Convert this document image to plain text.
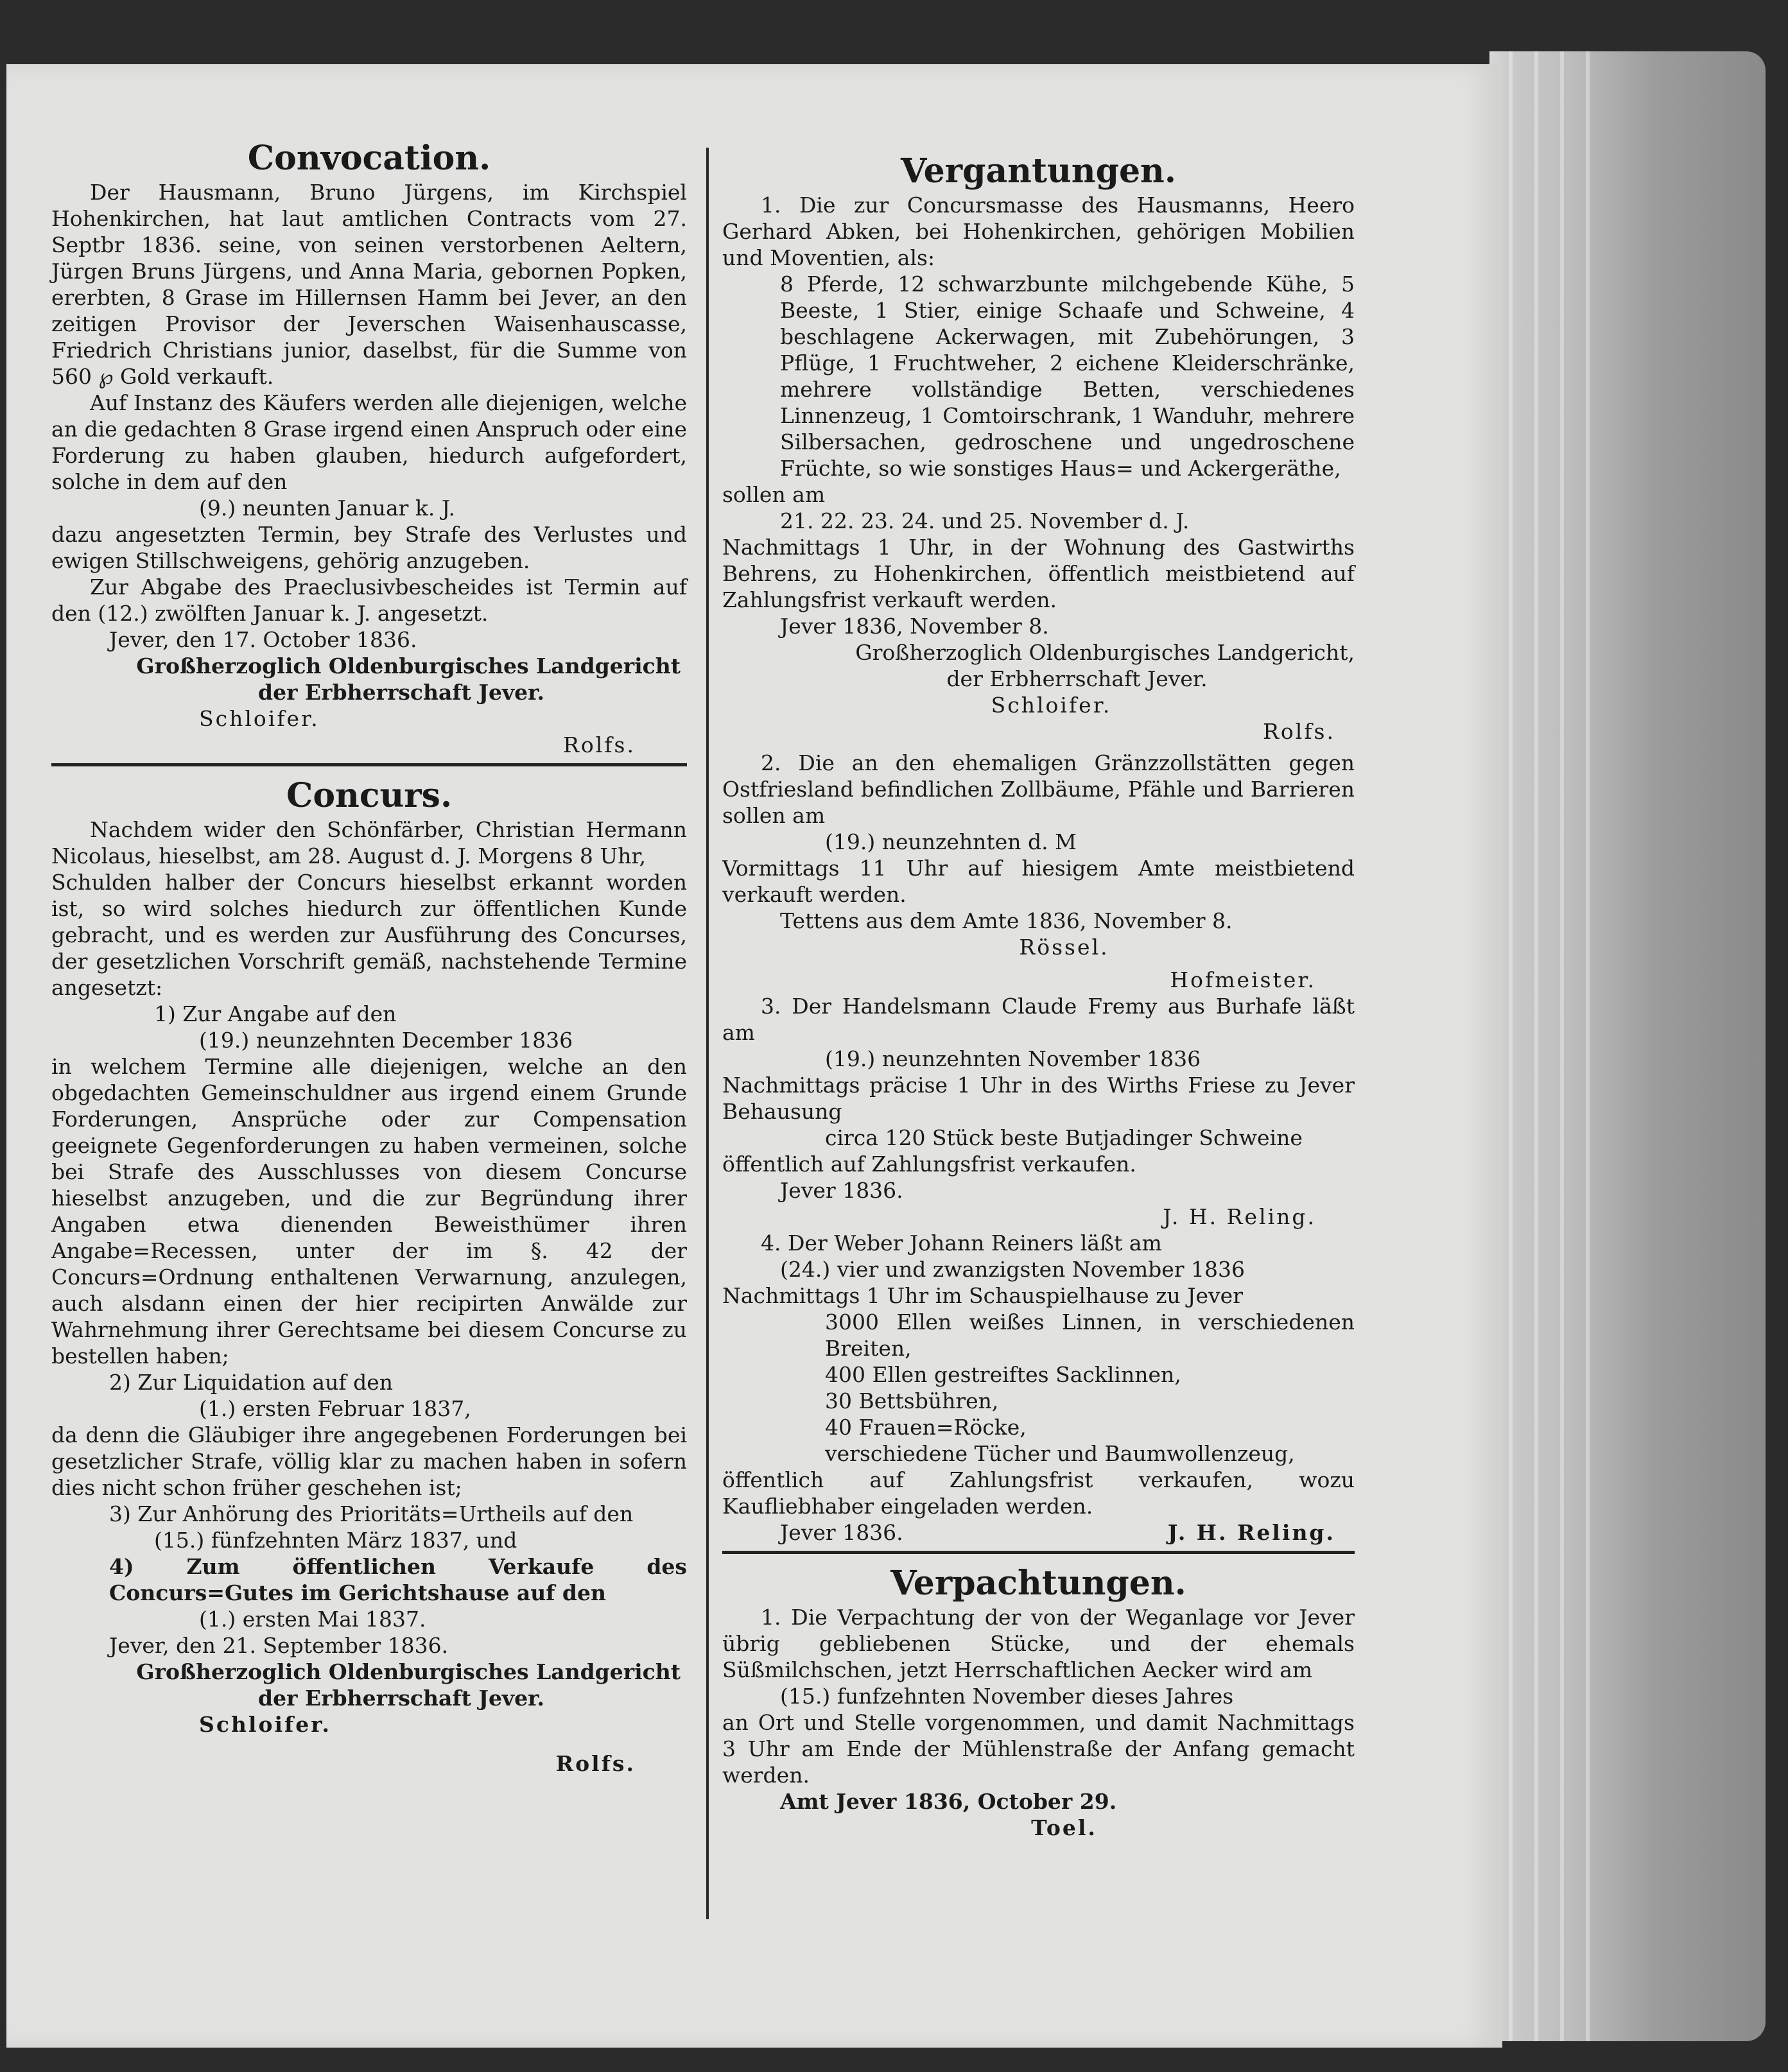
Convocation.

Der Hausmann, Bruno Jürgens, im Kirchspiel Hohenkirchen, hat laut amtlichen Contracts vom 27. Septbr 1836. seine, von seinen verstorbenen Aeltern, Jürgen Bruns Jürgens, und Anna Maria, gebornen Popken, ererbten, 8 Grase im Hillernsen Hamm bei Jever, an den zeitigen Provisor der Jeverschen Waisenhauscasse, Friedrich Christians junior, daselbst, für die Summe von 560 ℘ Gold verkauft.

Auf Instanz des Käufers werden alle diejenigen, welche an die gedachten 8 Grase irgend einen Anspruch oder eine Forderung zu haben glauben, hiedurch aufgefordert, solche in dem auf den

(9.) neunten Januar k. J.

dazu angesetzten Termin, bey Strafe des Verlustes und ewigen Stillschweigens, gehörig anzugeben.

Zur Abgabe des Praeclusivbescheides ist Termin auf den (12.) zwölften Januar k. J. angesetzt.

Jever, den 17. October 1836.

Großherzoglich Oldenburgisches Landgericht

der Erbherrschaft Jever.

Schloifer.

Rolfs.

Concurs.

Nachdem wider den Schönfärber, Christian Hermann Nicolaus, hieselbst, am 28. August d. J. Morgens 8 Uhr,

Schulden halber der Concurs hieselbst erkannt worden ist, so wird solches hiedurch zur öffentlichen Kunde gebracht, und es werden zur Ausführung des Concurses, der gesetzlichen Vorschrift gemäß, nachstehende Termine angesetzt:

1) Zur Angabe auf den

(19.) neunzehnten December 1836

in welchem Termine alle diejenigen, welche an den obgedachten Gemeinschuldner aus irgend einem Grunde Forderungen, Ansprüche oder zur Compensation geeignete Gegenforderungen zu haben vermeinen, solche bei Strafe des Ausschlusses von diesem Concurse hieselbst anzugeben, und die zur Begründung ihrer Angaben etwa dienenden Beweisthümer ihren Angabe=Recessen, unter der im §. 42 der Concurs=Ordnung enthaltenen Verwarnung, anzulegen, auch alsdann einen der hier recipirten Anwälde zur Wahrnehmung ihrer Gerechtsame bei diesem Concurse zu bestellen haben;

2) Zur Liquidation auf den

(1.) ersten Februar 1837,

da denn die Gläubiger ihre angegebenen Forderungen bei gesetzlicher Strafe, völlig klar zu machen haben in sofern dies nicht schon früher geschehen ist;

3) Zur Anhörung des Prioritäts=Urtheils auf den

(15.) fünfzehnten März 1837, und

4) Zum öffentlichen Verkaufe des Concurs=Gutes im Gerichtshause auf den

(1.) ersten Mai 1837.

Jever, den 21. September 1836.

Großherzoglich Oldenburgisches Landgericht

der Erbherrschaft Jever.

Schloifer.

Rolfs.

Vergantungen.

1. Die zur Concursmasse des Hausmanns, Heero Gerhard Abken, bei Hohenkirchen, gehörigen Mobilien und Moventien, als:

8 Pferde, 12 schwarzbunte milchgebende Kühe, 5 Beeste, 1 Stier, einige Schaafe und Schweine, 4 beschlagene Ackerwagen, mit Zubehörungen, 3 Pflüge, 1 Fruchtweher, 2 eichene Kleiderschränke, mehrere vollständige Betten, verschiedenes Linnenzeug, 1 Comtoirschrank, 1 Wanduhr, mehrere Silbersachen, gedroschene und ungedroschene Früchte, so wie sonstiges Haus= und Ackergeräthe,

sollen am

21. 22. 23. 24. und 25. November d. J.

Nachmittags 1 Uhr, in der Wohnung des Gastwirths Behrens, zu Hohenkirchen, öffentlich meistbietend auf Zahlungsfrist verkauft werden.

Jever 1836, November 8.

Großherzoglich Oldenburgisches Landgericht,

der Erbherrschaft Jever.

Schloifer.

Rolfs.

2. Die an den ehemaligen Gränzzollstätten gegen Ostfriesland befindlichen Zollbäume, Pfähle und Barrieren sollen am

(19.) neunzehnten d. M

Vormittags 11 Uhr auf hiesigem Amte meistbietend verkauft werden.

Tettens aus dem Amte 1836, November 8.

Rössel.

Hofmeister.

3. Der Handelsmann Claude Fremy aus Burhafe läßt am

(19.) neunzehnten November 1836

Nachmittags präcise 1 Uhr in des Wirths Friese zu Jever Behausung

circa 120 Stück beste Butjadinger Schweine

öffentlich auf Zahlungsfrist verkaufen.

Jever 1836.

J. H. Reling.

4. Der Weber Johann Reiners läßt am

(24.) vier und zwanzigsten November 1836

Nachmittags 1 Uhr im Schauspielhause zu Jever

3000 Ellen weißes Linnen, in verschiedenen Breiten,

400 Ellen gestreiftes Sacklinnen,

30 Bettsbühren,

40 Frauen=Röcke,

verschiedene Tücher und Baumwollenzeug,

öffentlich auf Zahlungsfrist verkaufen, wozu Kaufliebhaber eingeladen werden.

Jever 1836.	J. H. Reling.

Verpachtungen.

1. Die Verpachtung der von der Weganlage vor Jever übrig gebliebenen Stücke, und der ehemals Süßmilchschen, jetzt Herrschaftlichen Aecker wird am

(15.) funfzehnten November dieses Jahres

an Ort und Stelle vorgenommen, und damit Nachmittags 3 Uhr am Ende der Mühlenstraße der Anfang gemacht werden.

Amt Jever 1836, October 29.

Toel.
